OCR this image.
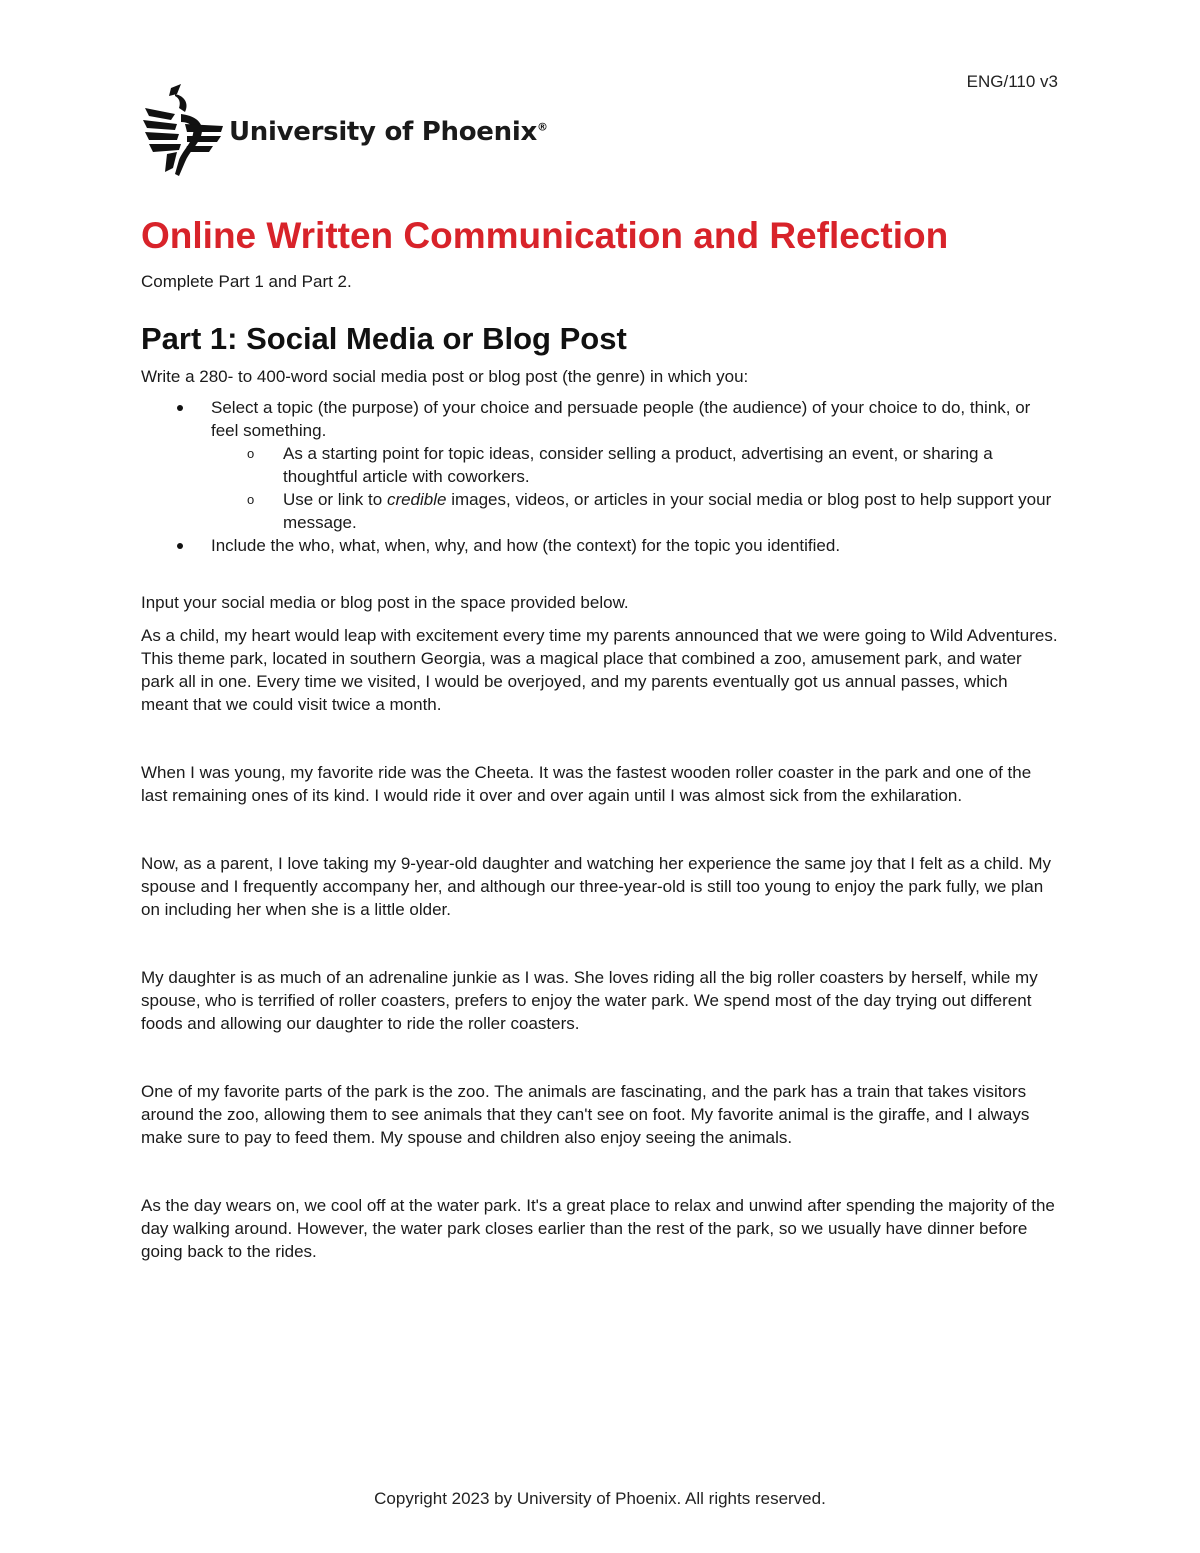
ENG/110 v3
University of Phoenix®
Online Written Communication and Reflection

Complete Part 1 and Part 2.

Part 1: Social Media or Blog Post

Write a 280- to 400-word social media post or blog post (the genre) in which you:

Select a topic (the purpose) of your choice and persuade people (the audience) of your choice to do, think, or feel something.
o As a starting point for topic ideas, consider selling a product, advertising an event, or sharing a thoughtful article with coworkers.
o Use or link to credible images, videos, or articles in your social media or blog post to help support your message.
Include the who, what, when, why, and how (the context) for the topic you identified.

Input your social media or blog post in the space provided below.

As a child, my heart would leap with excitement every time my parents announced that we were going to Wild Adventures. This theme park, located in southern Georgia, was a magical place that combined a zoo, amusement park, and water park all in one. Every time we visited, I would be overjoyed, and my parents eventually got us annual passes, which meant that we could visit twice a month.

When I was young, my favorite ride was the Cheeta. It was the fastest wooden roller coaster in the park and one of the last remaining ones of its kind. I would ride it over and over again until I was almost sick from the exhilaration.

Now, as a parent, I love taking my 9-year-old daughter and watching her experience the same joy that I felt as a child. My spouse and I frequently accompany her, and although our three-year-old is still too young to enjoy the park fully, we plan on including her when she is a little older.

My daughter is as much of an adrenaline junkie as I was. She loves riding all the big roller coasters by herself, while my spouse, who is terrified of roller coasters, prefers to enjoy the water park. We spend most of the day trying out different foods and allowing our daughter to ride the roller coasters.

One of my favorite parts of the park is the zoo. The animals are fascinating, and the park has a train that takes visitors around the zoo, allowing them to see animals that they can't see on foot. My favorite animal is the giraffe, and I always make sure to pay to feed them. My spouse and children also enjoy seeing the animals.

As the day wears on, we cool off at the water park. It's a great place to relax and unwind after spending the majority of the day walking around. However, the water park closes earlier than the rest of the park, so we usually have dinner before going back to the rides.

Copyright 2023 by University of Phoenix. All rights reserved.
